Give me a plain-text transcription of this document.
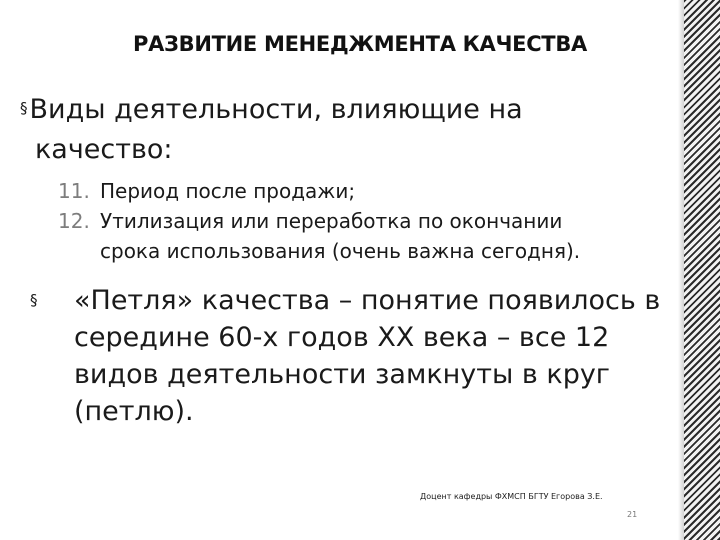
РАЗВИТИЕ МЕНЕДЖМЕНТА КАЧЕСТВА
§Виды деятельности, влияющие на
качество:
11. Период после продажи;
12. Утилизация или переработка по окончании
срока использования (очень важна сегодня).
§	«Петля» качества – понятие появилось в середине 60-х годов XX века – все 12 видов деятельности замкнуты в круг (петлю).
Доцент кафедры ФХМСП БГТУ Егорова З.Е.
21
